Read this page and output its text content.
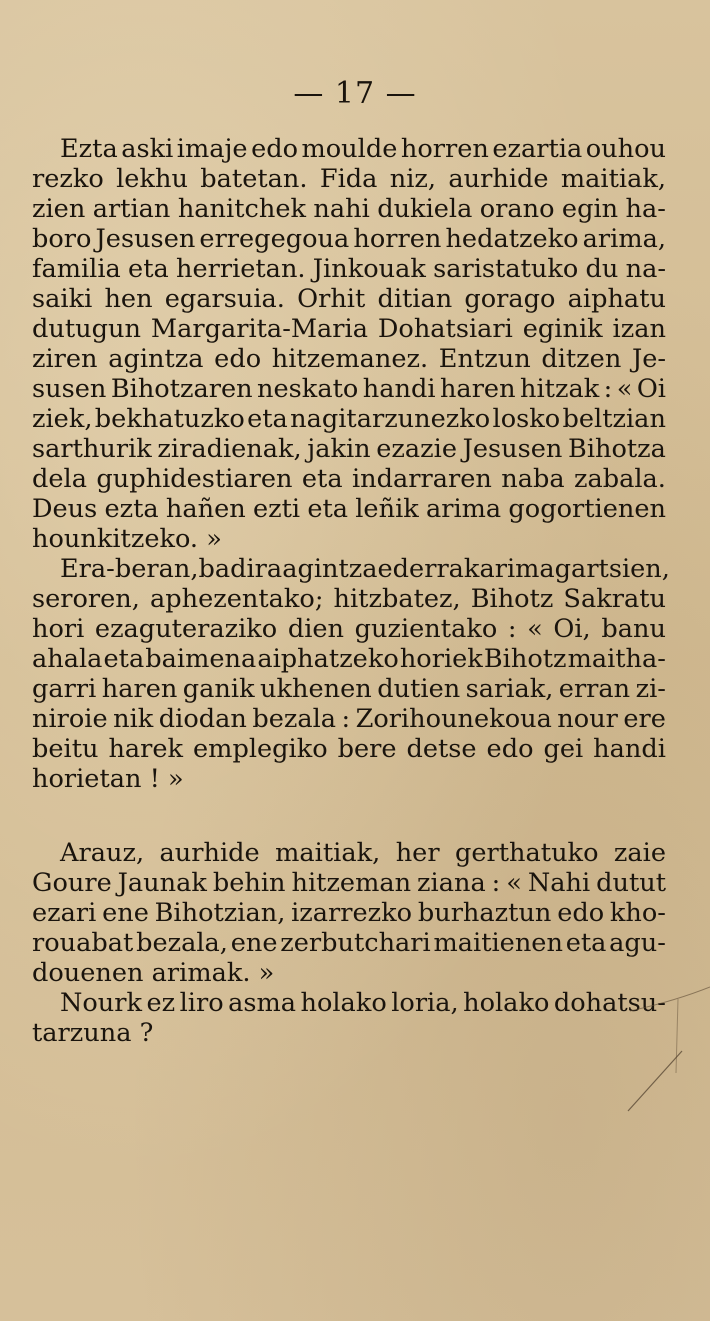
— 17 —
Ezta aski imaje edo moulde horren ezartia ouhou
rezko lekhu batetan. Fida niz, aurhide maitiak,
zien artian hanitchek nahi dukiela orano egin ha-
boro Jesusen erregegoua horren hedatzeko arima,
familia eta herrietan. Jinkouak saristatuko du na-
saiki hen egarsuia. Orhit ditian gorago aiphatu
dutugun Margarita-Maria Dohatsiari eginik izan
ziren agintza edo hitzemanez. Entzun ditzen Je-
susen Bihotzaren neskato handi haren hitzak : « Oi
ziek, bekhatuzko eta nagitarzunezko losko beltzian
sarthurik ziradienak, jakin ezazie Jesusen Bihotza
dela guphidestiaren eta indarraren naba zabala.
Deus ezta hañen ezti eta leñik arima gogortienen
hounkitzeko. »
Era-beran, badira agintza ederrak arima gartsien,
seroren, aphezentako; hitzbatez, Bihotz Sakratu
hori ezaguteraziko dien guzientako : « Oi, banu
ahala eta baimena aiphatzeko horiek Bihotz maitha-
garri haren ganik ukhenen dutien sariak, erran zi-
niroie nik diodan bezala : Zorihounekoua nour ere
beitu harek emplegiko bere detse edo gei handi
horietan ! »
Arauz, aurhide maitiak, her gerthatuko zaie
Goure Jaunak behin hitzeman ziana : « Nahi dutut
ezari ene Bihotzian, izarrezko burhaztun edo kho-
rouabat bezala, ene zerbutchari maitienen eta agu-
douenen arimak. »
Nourk ez liro asma holako loria, holako dohatsu-
tarzuna ?
